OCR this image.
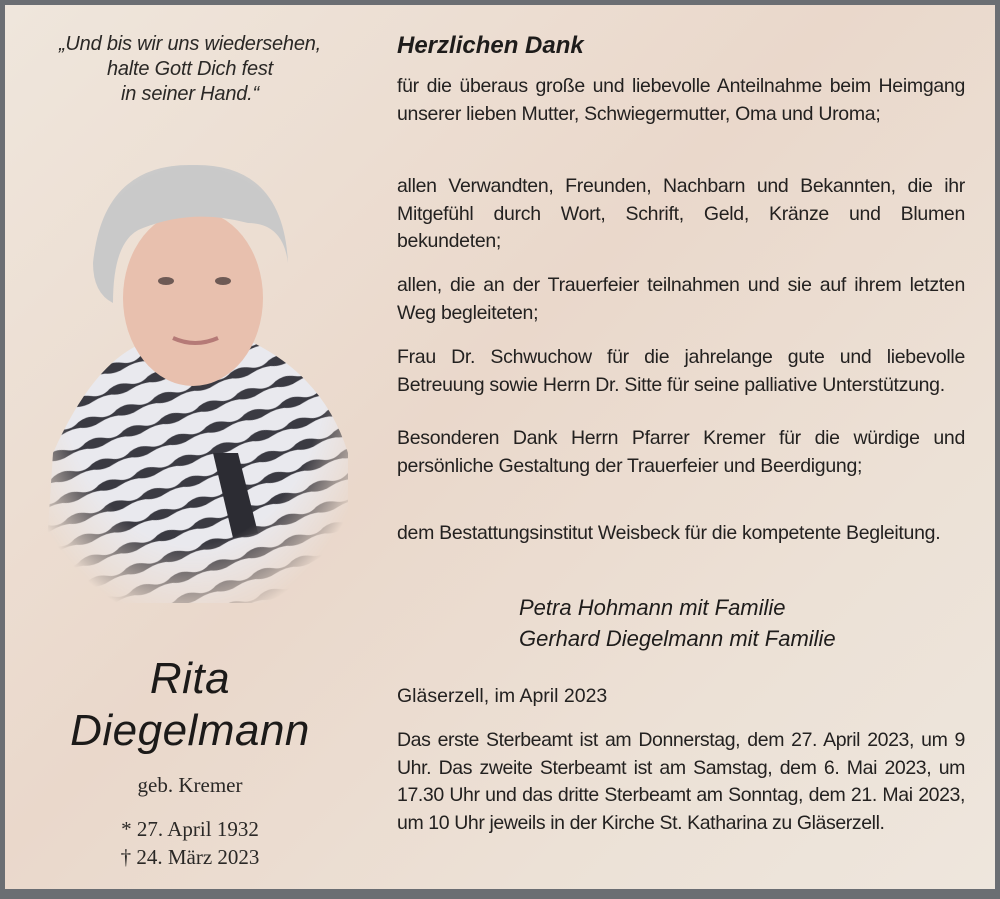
„Und bis wir uns wiedersehen,
halte Gott Dich fest
in seiner Hand.“
Rita
Diegelmann
geb. Kremer
* 27. April 1932
† 24. März 2023
Herzlichen Dank

für die überaus große und liebevolle Anteilnahme beim Heimgang unserer lieben Mutter, Schwiegermutter, Oma und Uroma;

allen Verwandten, Freunden, Nachbarn und Bekannten, die ihr Mitgefühl durch Wort, Schrift, Geld, Kränze und Blumen bekundeten;

allen, die an der Trauerfeier teilnahmen und sie auf ihrem letzten Weg begleiteten;

Frau Dr. Schwuchow für die jahrelange gute und liebevolle Betreuung sowie Herrn Dr. Sitte für seine palliative Unterstützung.

Besonderen Dank Herrn Pfarrer Kremer für die würdige und persönliche Gestaltung der Trauerfeier und Beerdigung;

dem Bestattungsinstitut Weisbeck für die kompetente Begleitung.

Petra Hohmann mit Familie
Gerhard Diegelmann mit Familie
Gläserzell, im April 2023

Das erste Sterbeamt ist am Donnerstag, dem 27. April 2023, um 9 Uhr. Das zweite Sterbeamt ist am Samstag, dem 6. Mai 2023, um 17.30 Uhr und das dritte Sterbeamt am Sonntag, dem 21. Mai 2023, um 10 Uhr jeweils in der Kirche St. Katharina zu Gläserzell.
